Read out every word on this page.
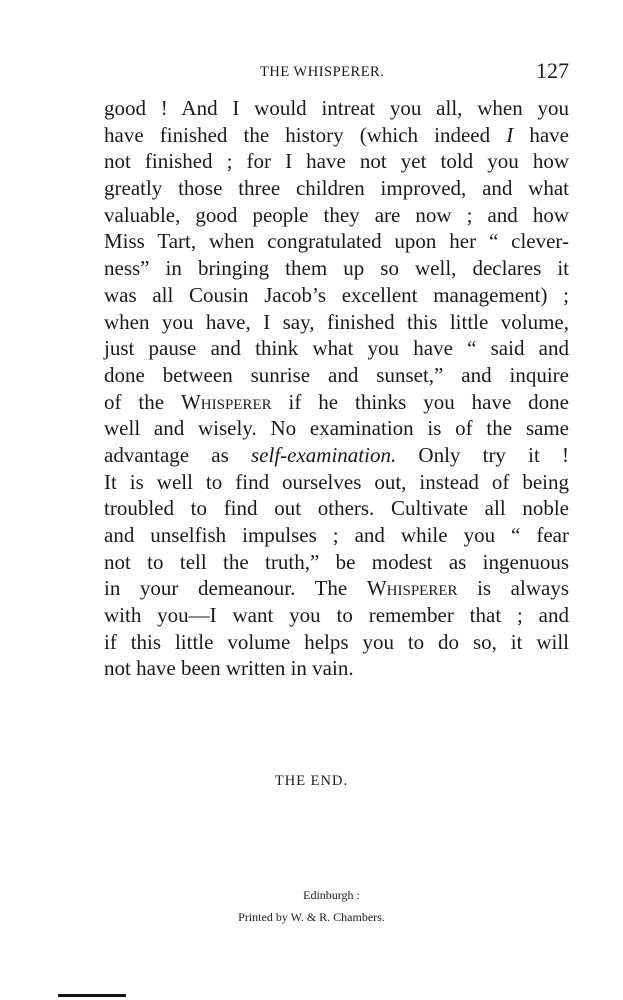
THE WHISPERER.	127
good ! And I would intreat you all, when you
have finished the history (which indeed I have
not finished ; for I have not yet told you how
greatly those three children improved, and what
valuable, good people they are now ; and how
Miss Tart, when congratulated upon her “ clever-
ness” in bringing them up so well, declares it
was all Cousin Jacob’s excellent management) ;
when you have, I say, finished this little volume,
just pause and think what you have “ said and
done between sunrise and sunset,” and inquire
of the Whisperer if he thinks you have done
well and wisely. No examination is of the same
advantage as self-examination. Only try it !
It is well to find ourselves out, instead of being
troubled to find out others. Cultivate all noble
and unselfish impulses ; and while you “ fear
not to tell the truth,” be modest as ingenuous
in your demeanour. The Whisperer is always
with you—I want you to remember that ; and
if this little volume helps you to do so, it will
not have been written in vain.
THE END.
Edinburgh :
Printed by W. & R. Chambers.
